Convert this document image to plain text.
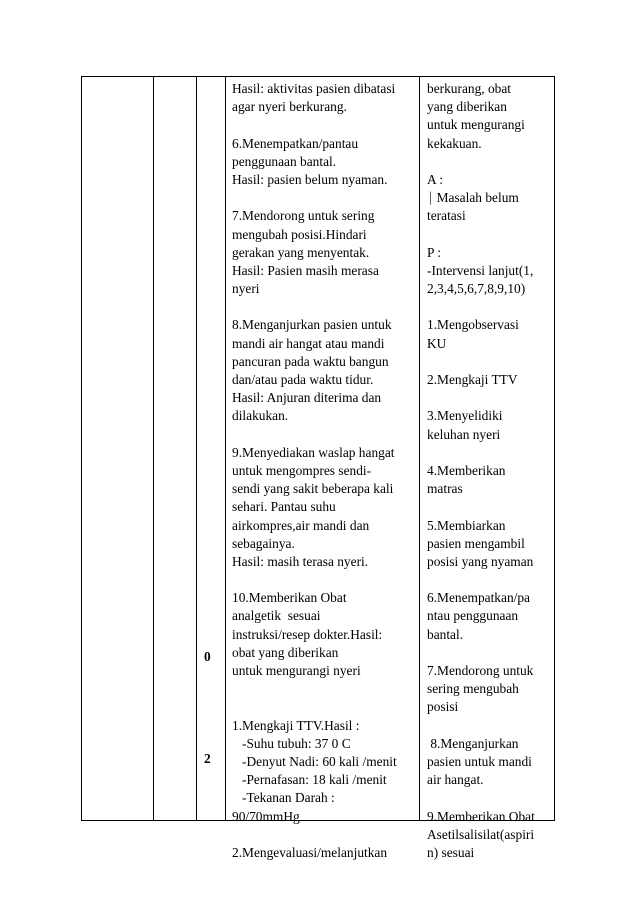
0
2
Hasil: aktivitas pasien dibatasi
agar nyeri berkurang.
6.Menempatkan/pantau
penggunaan bantal.
Hasil: pasien belum nyaman.
7.Mendorong untuk sering
mengubah posisi.Hindari
gerakan yang menyentak.
Hasil: Pasien masih merasa
nyeri
8.Menganjurkan pasien untuk
mandi air hangat atau mandi
pancuran pada waktu bangun
dan/atau pada waktu tidur.
Hasil: Anjuran diterima dan
dilakukan.
9.Menyediakan waslap hangat
untuk mengompres sendi-
sendi yang sakit beberapa kali
sehari. Pantau suhu
airkompres,air mandi dan
sebagainya.
Hasil: masih terasa nyeri.
10.Memberikan Obat
analgetik  sesuai
instruksi/resep dokter.Hasil:
obat yang diberikan
untuk mengurangi nyeri
1.Mengkaji TTV.Hasil :
-Suhu tubuh: 37 0 C
-Denyut Nadi: 60 kali /menit
-Pernafasan: 18 kali /menit
-Tekanan Darah :
90/70mmHg
2.Mengevaluasi/melanjutkan
berkurang, obat
yang diberikan
untuk mengurangi
kekakuan.
A :
│ Masalah belum
teratasi
P :
-Intervensi lanjut(1,
2,3,4,5,6,7,8,9,10)
1.Mengobservasi
KU
2.Mengkaji TTV
3.Menyelidiki
keluhan nyeri
4.Memberikan
matras
5.Membiarkan
pasien mengambil
posisi yang nyaman
6.Menempatkan/pa
ntau penggunaan
bantal.
7.Mendorong untuk
sering mengubah
posisi
8.Menganjurkan
pasien untuk mandi
air hangat.
9.Memberikan Obat
Asetilsalisilat(aspiri
n) sesuai
